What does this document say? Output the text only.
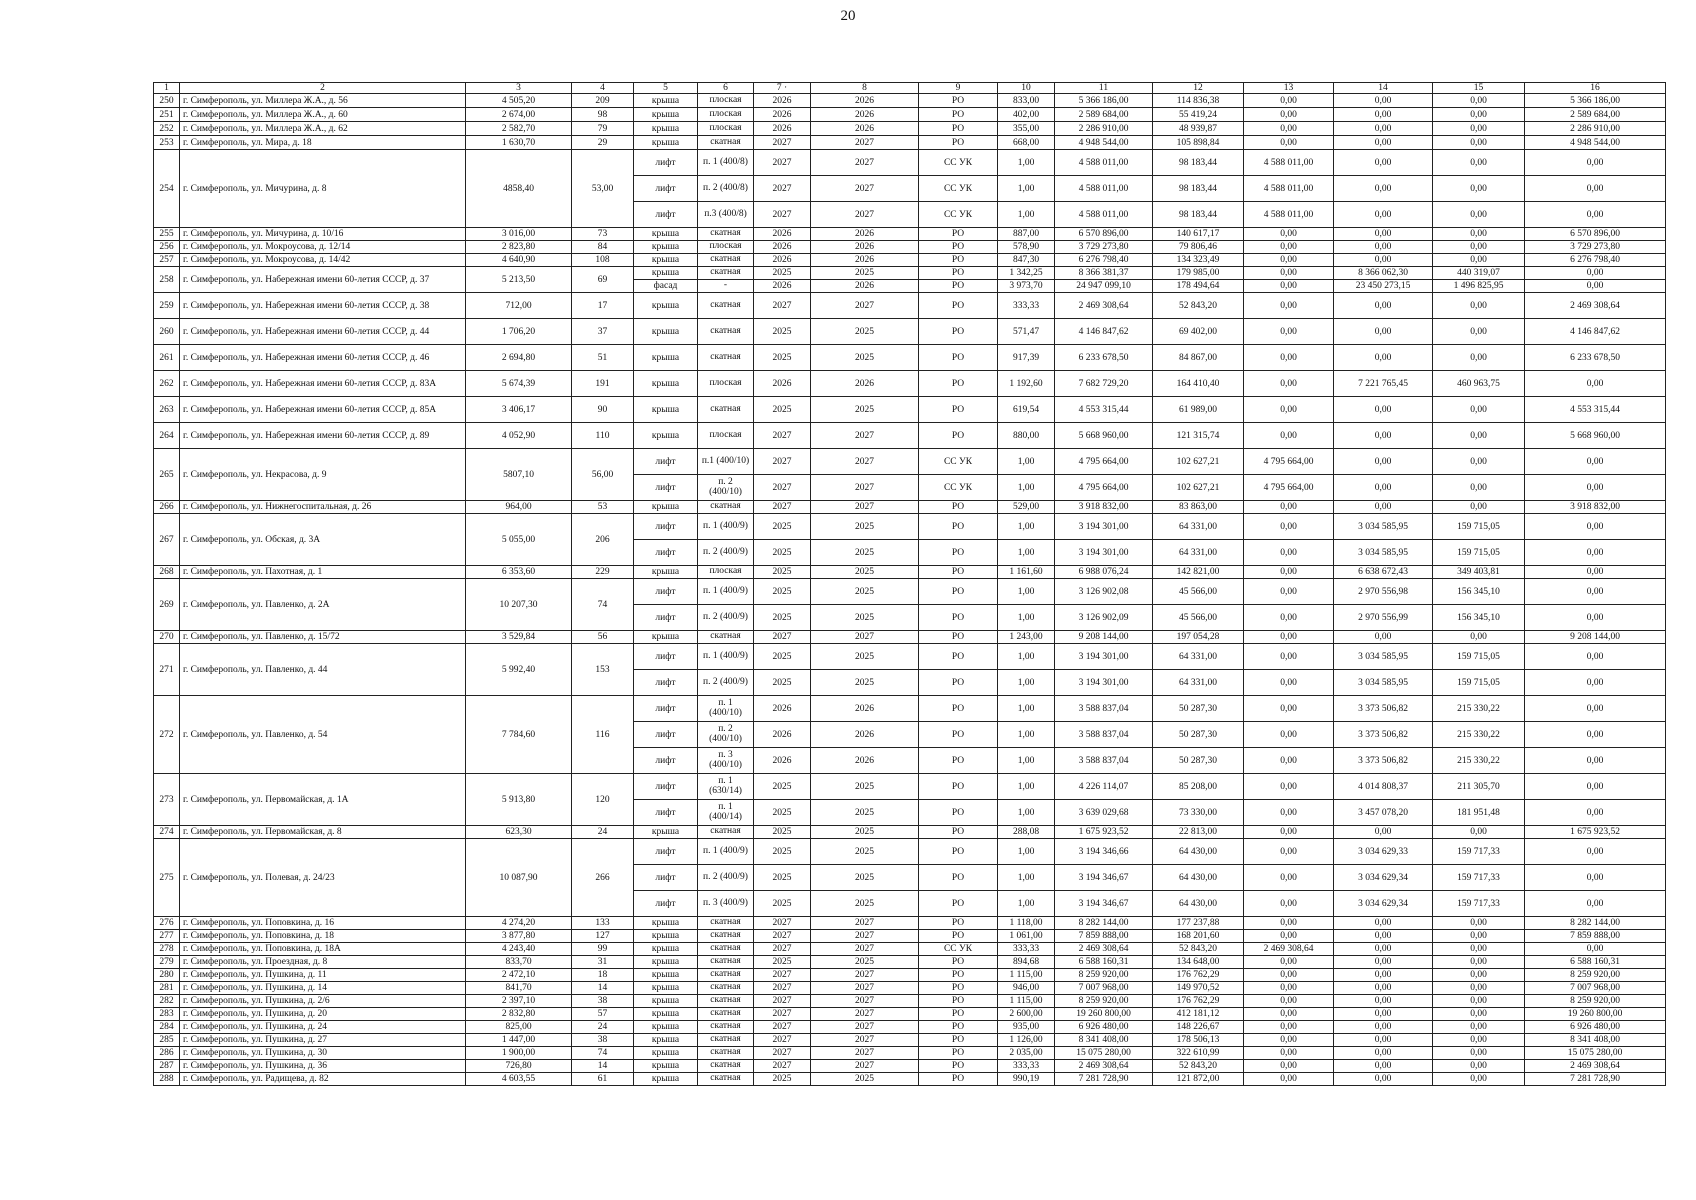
20
1	2	3	4	5	6	7 ·	8	9	10	11	12	13	14	15	16
250	г. Симферополь, ул. Миллера Ж.А., д. 56	4 505,20	209	крыша	плоская	2026	2026	РО	833,00	5 366 186,00	114 836,38	0,00	0,00	0,00	5 366 186,00
251	г. Симферополь, ул. Миллера Ж.А., д. 60	2 674,00	98	крыша	плоская	2026	2026	РО	402,00	2 589 684,00	55 419,24	0,00	0,00	0,00	2 589 684,00
252	г. Симферополь, ул. Миллера Ж.А., д. 62	2 582,70	79	крыша	плоская	2026	2026	РО	355,00	2 286 910,00	48 939,87	0,00	0,00	0,00	2 286 910,00
253	г. Симферополь, ул. Мира, д. 18	1 630,70	29	крыша	скатная	2027	2027	РО	668,00	4 948 544,00	105 898,84	0,00	0,00	0,00	4 948 544,00
254	г. Симферополь, ул. Мичурина, д. 8	4858,40	53,00	лифт	п. 1 (400/8)	2027	2027	СС УК	1,00	4 588 011,00	98 183,44	4 588 011,00	0,00	0,00	0,00
				лифт	п. 2 (400/8)	2027	2027	СС УК	1,00	4 588 011,00	98 183,44	4 588 011,00	0,00	0,00	0,00
				лифт	п.3 (400/8)	2027	2027	СС УК	1,00	4 588 011,00	98 183,44	4 588 011,00	0,00	0,00	0,00
255	г. Симферополь, ул. Мичурина, д. 10/16	3 016,00	73	крыша	скатная	2026	2026	РО	887,00	6 570 896,00	140 617,17	0,00	0,00	0,00	6 570 896,00
256	г. Симферополь, ул. Мокроусова, д. 12/14	2 823,80	84	крыша	плоская	2026	2026	РО	578,90	3 729 273,80	79 806,46	0,00	0,00	0,00	3 729 273,80
257	г. Симферополь, ул. Мокроусова, д. 14/42	4 640,90	108	крыша	скатная	2026	2026	РО	847,30	6 276 798,40	134 323,49	0,00	0,00	0,00	6 276 798,40
258	г. Симферополь, ул. Набережная имени 60-летия СССР, д. 37	5 213,50	69	крыша	скатная	2025	2025	РО	1 342,25	8 366 381,37	179 985,00	0,00	8 366 062,30	440 319,07	0,00
				фасад	-	2026	2026	РО	3 973,70	24 947 099,10	178 494,64	0,00	23 450 273,15	1 496 825,95	0,00
259	г. Симферополь, ул. Набережная имени 60-летия СССР, д. 38	712,00	17	крыша	скатная	2027	2027	РО	333,33	2 469 308,64	52 843,20	0,00	0,00	0,00	2 469 308,64
260	г. Симферополь, ул. Набережная имени 60-летия СССР, д. 44	1 706,20	37	крыша	скатная	2025	2025	РО	571,47	4 146 847,62	69 402,00	0,00	0,00	0,00	4 146 847,62
261	г. Симферополь, ул. Набережная имени 60-летия СССР, д. 46	2 694,80	51	крыша	скатная	2025	2025	РО	917,39	6 233 678,50	84 867,00	0,00	0,00	0,00	6 233 678,50
262	г. Симферополь, ул. Набережная имени 60-летия СССР, д. 83А	5 674,39	191	крыша	плоская	2026	2026	РО	1 192,60	7 682 729,20	164 410,40	0,00	7 221 765,45	460 963,75	0,00
263	г. Симферополь, ул. Набережная имени 60-летия СССР, д. 85А	3 406,17	90	крыша	скатная	2025	2025	РО	619,54	4 553 315,44	61 989,00	0,00	0,00	0,00	4 553 315,44
264	г. Симферополь, ул. Набережная имени 60-летия СССР, д. 89	4 052,90	110	крыша	плоская	2027	2027	РО	880,00	5 668 960,00	121 315,74	0,00	0,00	0,00	5 668 960,00
265	г. Симферополь, ул. Некрасова, д. 9	5807,10	56,00	лифт	п.1 (400/10)	2027	2027	СС УК	1,00	4 795 664,00	102 627,21	4 795 664,00	0,00	0,00	0,00
				лифт	п. 2 (400/10)	2027	2027	СС УК	1,00	4 795 664,00	102 627,21	4 795 664,00	0,00	0,00	0,00
266	г. Симферополь, ул. Нижнегоспитальная, д. 26	964,00	53	крыша	скатная	2027	2027	РО	529,00	3 918 832,00	83 863,00	0,00	0,00	0,00	3 918 832,00
267	г. Симферополь, ул. Обская, д. 3А	5 055,00	206	лифт	п. 1 (400/9)	2025	2025	РО	1,00	3 194 301,00	64 331,00	0,00	3 034 585,95	159 715,05	0,00
				лифт	п. 2 (400/9)	2025	2025	РО	1,00	3 194 301,00	64 331,00	0,00	3 034 585,95	159 715,05	0,00
268	г. Симферополь, ул. Пахотная, д. 1	6 353,60	229	крыша	плоская	2025	2025	РО	1 161,60	6 988 076,24	142 821,00	0,00	6 638 672,43	349 403,81	0,00
269	г. Симферополь, ул. Павленко, д. 2А	10 207,30	74	лифт	п. 1 (400/9)	2025	2025	РО	1,00	3 126 902,08	45 566,00	0,00	2 970 556,98	156 345,10	0,00
				лифт	п. 2 (400/9)	2025	2025	РО	1,00	3 126 902,09	45 566,00	0,00	2 970 556,99	156 345,10	0,00
270	г. Симферополь, ул. Павленко, д. 15/72	3 529,84	56	крыша	скатная	2027	2027	РО	1 243,00	9 208 144,00	197 054,28	0,00	0,00	0,00	9 208 144,00
271	г. Симферополь, ул. Павленко, д. 44	5 992,40	153	лифт	п. 1 (400/9)	2025	2025	РО	1,00	3 194 301,00	64 331,00	0,00	3 034 585,95	159 715,05	0,00
				лифт	п. 2 (400/9)	2025	2025	РО	1,00	3 194 301,00	64 331,00	0,00	3 034 585,95	159 715,05	0,00
272	г. Симферополь, ул. Павленко, д. 54	7 784,60	116	лифт	п. 1 (400/10)	2026	2026	РО	1,00	3 588 837,04	50 287,30	0,00	3 373 506,82	215 330,22	0,00
				лифт	п. 2 (400/10)	2026	2026	РО	1,00	3 588 837,04	50 287,30	0,00	3 373 506,82	215 330,22	0,00
				лифт	п. 3 (400/10)	2026	2026	РО	1,00	3 588 837,04	50 287,30	0,00	3 373 506,82	215 330,22	0,00
273	г. Симферополь, ул. Первомайская, д. 1А	5 913,80	120	лифт	п. 1 (630/14)	2025	2025	РО	1,00	4 226 114,07	85 208,00	0,00	4 014 808,37	211 305,70	0,00
				лифт	п. 1 (400/14)	2025	2025	РО	1,00	3 639 029,68	73 330,00	0,00	3 457 078,20	181 951,48	0,00
274	г. Симферополь, ул. Первомайская, д. 8	623,30	24	крыша	скатная	2025	2025	РО	288,08	1 675 923,52	22 813,00	0,00	0,00	0,00	1 675 923,52
275	г. Симферополь, ул. Полевая, д. 24/23	10 087,90	266	лифт	п. 1 (400/9)	2025	2025	РО	1,00	3 194 346,66	64 430,00	0,00	3 034 629,33	159 717,33	0,00
				лифт	п. 2 (400/9)	2025	2025	РО	1,00	3 194 346,67	64 430,00	0,00	3 034 629,34	159 717,33	0,00
				лифт	п. 3 (400/9)	2025	2025	РО	1,00	3 194 346,67	64 430,00	0,00	3 034 629,34	159 717,33	0,00
276	г. Симферополь, ул. Поповкина, д. 16	4 274,20	133	крыша	скатная	2027	2027	РО	1 118,00	8 282 144,00	177 237,88	0,00	0,00	0,00	8 282 144,00
277	г. Симферополь, ул. Поповкина, д. 18	3 877,80	127	крыша	скатная	2027	2027	РО	1 061,00	7 859 888,00	168 201,60	0,00	0,00	0,00	7 859 888,00
278	г. Симферополь, ул. Поповкина, д. 18А	4 243,40	99	крыша	скатная	2027	2027	СС УК	333,33	2 469 308,64	52 843,20	2 469 308,64	0,00	0,00	0,00
279	г. Симферополь, ул. Проездная, д. 8	833,70	31	крыша	скатная	2025	2025	РО	894,68	6 588 160,31	134 648,00	0,00	0,00	0,00	6 588 160,31
280	г. Симферополь, ул. Пушкина, д. 11	2 472,10	18	крыша	скатная	2027	2027	РО	1 115,00	8 259 920,00	176 762,29	0,00	0,00	0,00	8 259 920,00
281	г. Симферополь, ул. Пушкина, д. 14	841,70	14	крыша	скатная	2027	2027	РО	946,00	7 007 968,00	149 970,52	0,00	0,00	0,00	7 007 968,00
282	г. Симферополь, ул. Пушкина, д. 2/6	2 397,10	38	крыша	скатная	2027	2027	РО	1 115,00	8 259 920,00	176 762,29	0,00	0,00	0,00	8 259 920,00
283	г. Симферополь, ул. Пушкина, д. 20	2 832,80	57	крыша	скатная	2027	2027	РО	2 600,00	19 260 800,00	412 181,12	0,00	0,00	0,00	19 260 800,00
284	г. Симферополь, ул. Пушкина, д. 24	825,00	24	крыша	скатная	2027	2027	РО	935,00	6 926 480,00	148 226,67	0,00	0,00	0,00	6 926 480,00
285	г. Симферополь, ул. Пушкина, д. 27	1 447,00	38	крыша	скатная	2027	2027	РО	1 126,00	8 341 408,00	178 506,13	0,00	0,00	0,00	8 341 408,00
286	г. Симферополь, ул. Пушкина, д. 30	1 900,00	74	крыша	скатная	2027	2027	РО	2 035,00	15 075 280,00	322 610,99	0,00	0,00	0,00	15 075 280,00
287	г. Симферополь, ул. Пушкина, д. 36	726,80	14	крыша	скатная	2027	2027	РО	333,33	2 469 308,64	52 843,20	0,00	0,00	0,00	2 469 308,64
288	г. Симферополь, ул. Радищева, д. 82	4 603,55	61	крыша	скатная	2025	2025	РО	990,19	7 281 728,90	121 872,00	0,00	0,00	0,00	7 281 728,90
